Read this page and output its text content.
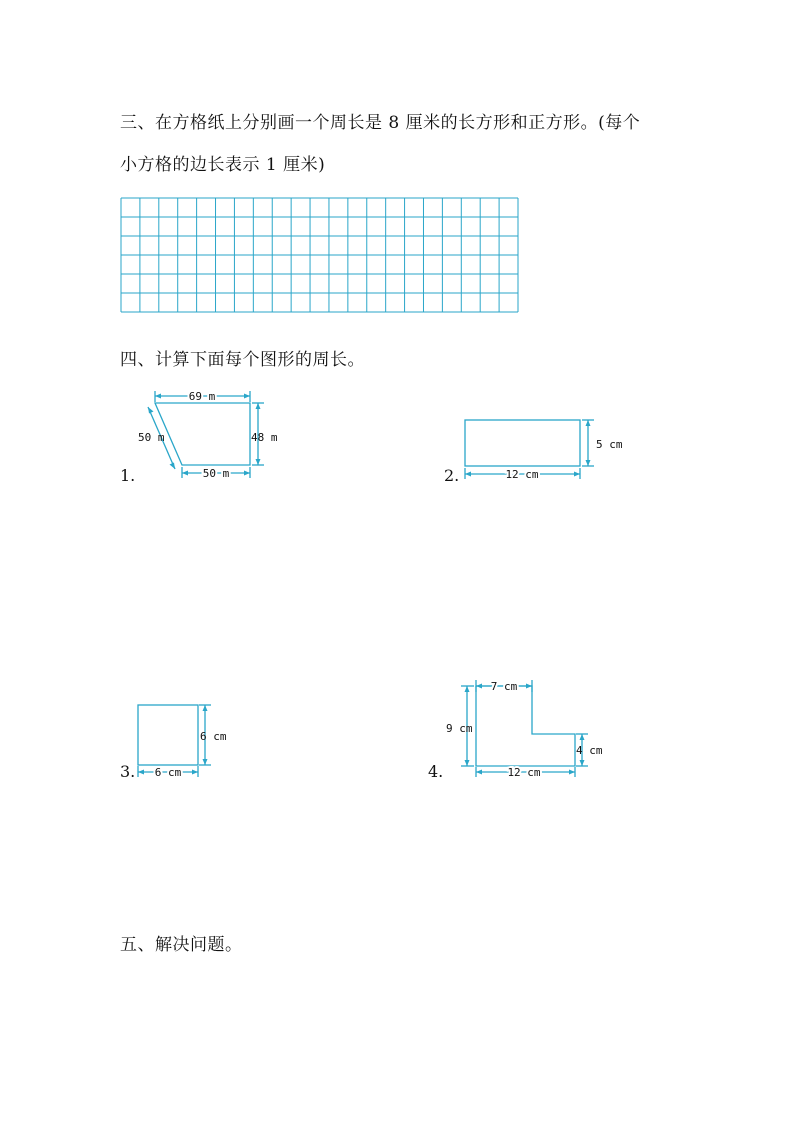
三、在方格纸上分别画一个周长是 8 厘米的长方形和正方形。(每个
小方格的边长表示 1 厘米)
四、计算下面每个图形的周长。
1.
69 m
50 m	48 m
50 m	2.
5 cm
12 cm
3.
6 cm
6 cm	4.
7 cm
9 cm
4 cm
12 cm
五、解决问题。
